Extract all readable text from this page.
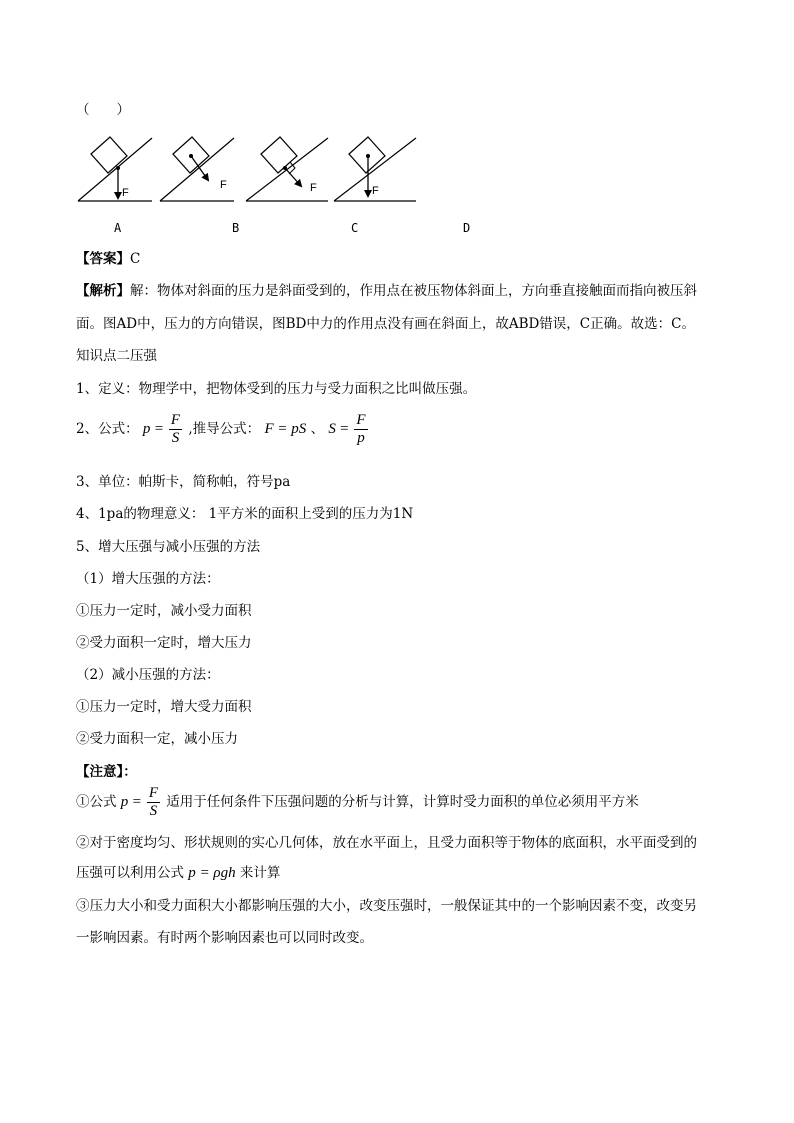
（　　）
F
F	F	F
A	B	C	D
【答案】C
【解析】解：物体对斜面的压力是斜面受到的，作用点在被压物体斜面上，方向垂直接触面而指向被压斜
面。图AD中，压力的方向错误，图BD中力的作用点没有画在斜面上，故ABD错误，C正确。故选：C。
知识点二压强
1、定义：物理学中，把物体受到的压力与受力面积之比叫做压强。
2、公式： $p = \frac{F}{S}$ ,推导公式： F = pS 、 $S = \frac{F}{p}$
3、单位：帕斯卡，简称帕，符号pa
4、1pa的物理意义： 1平方米的面积上受到的压力为1N
5、增大压强与减小压强的方法
（1）增大压强的方法：
①压力一定时，减小受力面积
②受力面积一定时，增大压力
（2）减小压强的方法：
①压力一定时，增大受力面积
②受力面积一定，减小压力
【注意】：
①公式 $p = \frac{F}{S}$ 适用于任何条件下压强问题的分析与计算，计算时受力面积的单位必须用平方米
②对于密度均匀、形状规则的实心几何体，放在水平面上，且受力面积等于物体的底面积，水平面受到的
压强可以利用公式 p = ρgh 来计算
③压力大小和受力面积大小都影响压强的大小，改变压强时，一般保证其中的一个影响因素不变，改变另
一影响因素。有时两个影响因素也可以同时改变。
